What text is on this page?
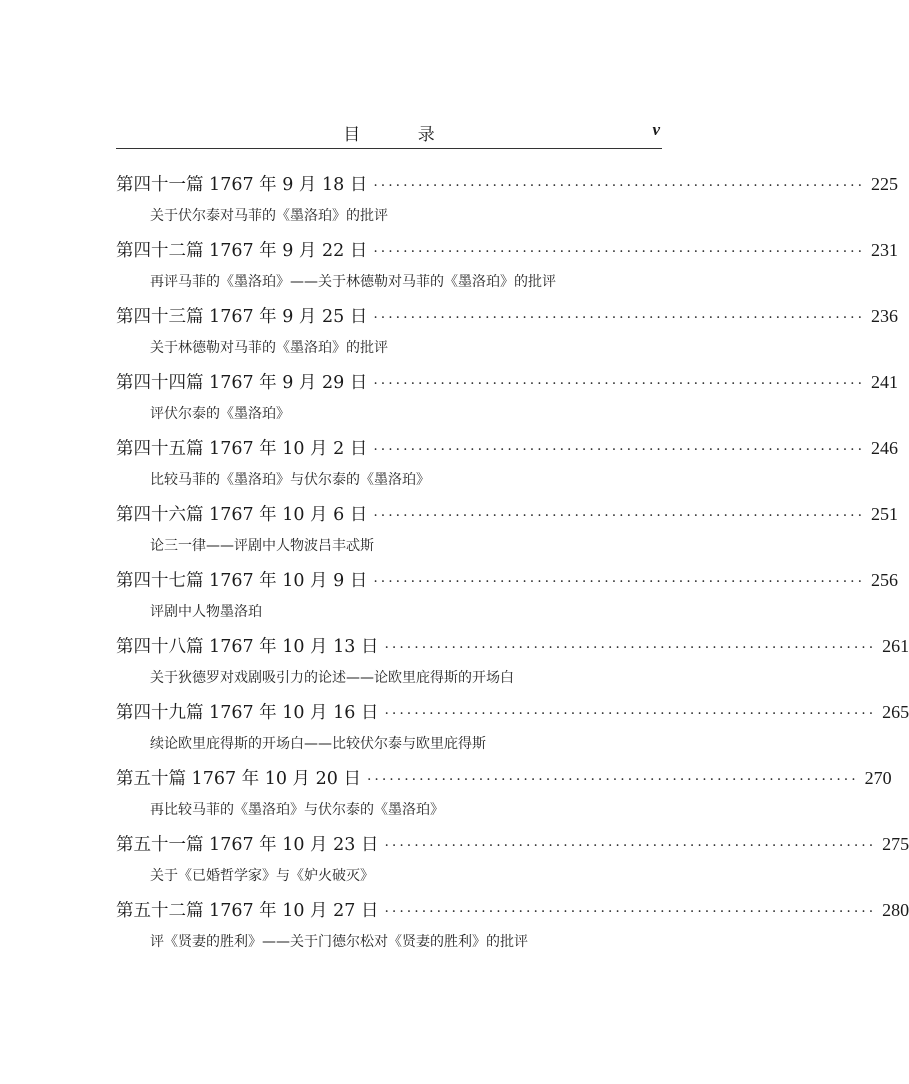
目 录	v
第四十一篇 1767 年 9 月 18 日 ·································································· 225
关于伏尔泰对马菲的《墨洛珀》的批评
第四十二篇 1767 年 9 月 22 日 ·································································· 231
再评马菲的《墨洛珀》——关于林德勒对马菲的《墨洛珀》的批评
第四十三篇 1767 年 9 月 25 日 ·································································· 236
关于林德勒对马菲的《墨洛珀》的批评
第四十四篇 1767 年 9 月 29 日 ·································································· 241
评伏尔泰的《墨洛珀》
第四十五篇 1767 年 10 月 2 日 ·································································· 246
比较马菲的《墨洛珀》与伏尔泰的《墨洛珀》
第四十六篇 1767 年 10 月 6 日 ·································································· 251
论三一律——评剧中人物波吕丰忒斯
第四十七篇 1767 年 10 月 9 日 ·································································· 256
评剧中人物墨洛珀
第四十八篇 1767 年 10 月 13 日 ·································································· 261
关于狄德罗对戏剧吸引力的论述——论欧里庇得斯的开场白
第四十九篇 1767 年 10 月 16 日 ·································································· 265
续论欧里庇得斯的开场白——比较伏尔泰与欧里庇得斯
第五十篇 1767 年 10 月 20 日 ·································································· 270
再比较马菲的《墨洛珀》与伏尔泰的《墨洛珀》
第五十一篇 1767 年 10 月 23 日 ·································································· 275
关于《已婚哲学家》与《妒火破灭》
第五十二篇 1767 年 10 月 27 日 ·································································· 280
评《贤妻的胜利》——关于门德尔松对《贤妻的胜利》的批评
